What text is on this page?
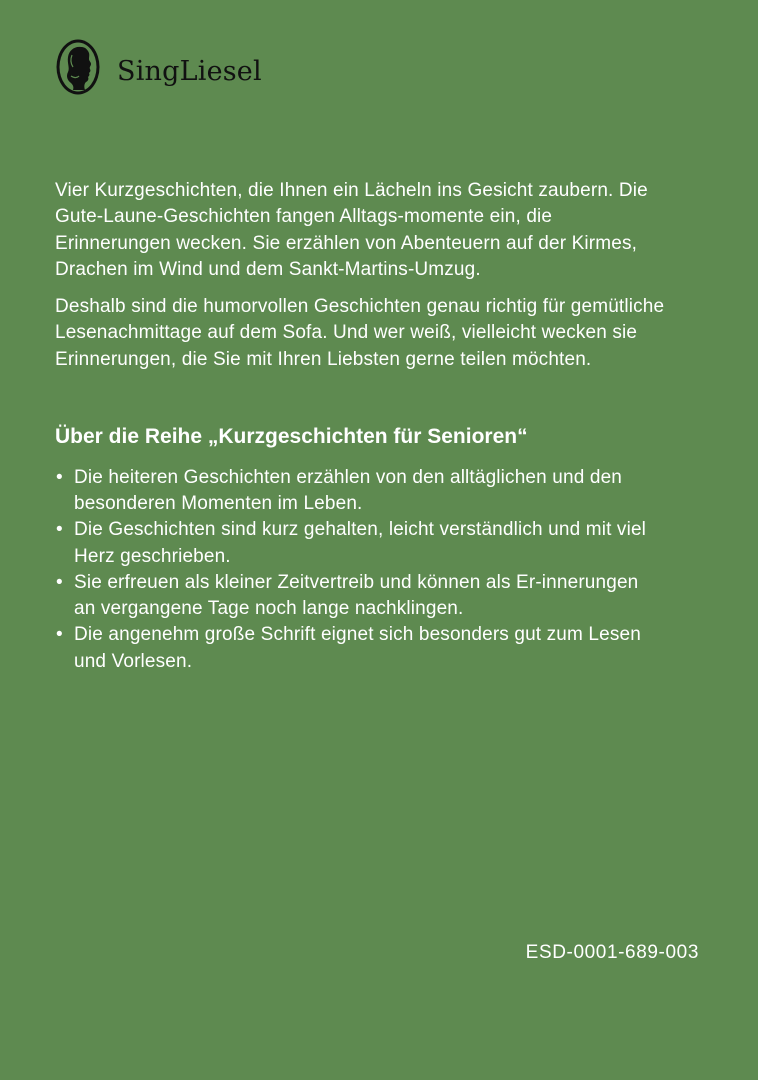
SingLiesel

Vier Kurzgeschichten, die Ihnen ein Lächeln ins Gesicht zaubern. Die Gute-Laune-Geschichten fangen Alltags-momente ein, die Erinnerungen wecken. Sie erzählen von Abenteuern auf der Kirmes, Drachen im Wind und dem Sankt-Martins-Umzug.

Deshalb sind die humorvollen Geschichten genau richtig für gemütliche Lesenachmittage auf dem Sofa. Und wer weiß, vielleicht wecken sie Erinnerungen, die Sie mit Ihren Liebsten gerne teilen möchten.

Über die Reihe „Kurzgeschichten für Senioren“
• Die heiteren Geschichten erzählen von den alltäglichen und den besonderen Momenten im Leben.
• Die Geschichten sind kurz gehalten, leicht verständlich und mit viel Herz geschrieben.
• Sie erfreuen als kleiner Zeitvertreib und können als Er-innerungen an vergangene Tage noch lange nachklingen.
• Die angenehm große Schrift eignet sich besonders gut zum Lesen und Vorlesen.
ESD-0001-689-003
